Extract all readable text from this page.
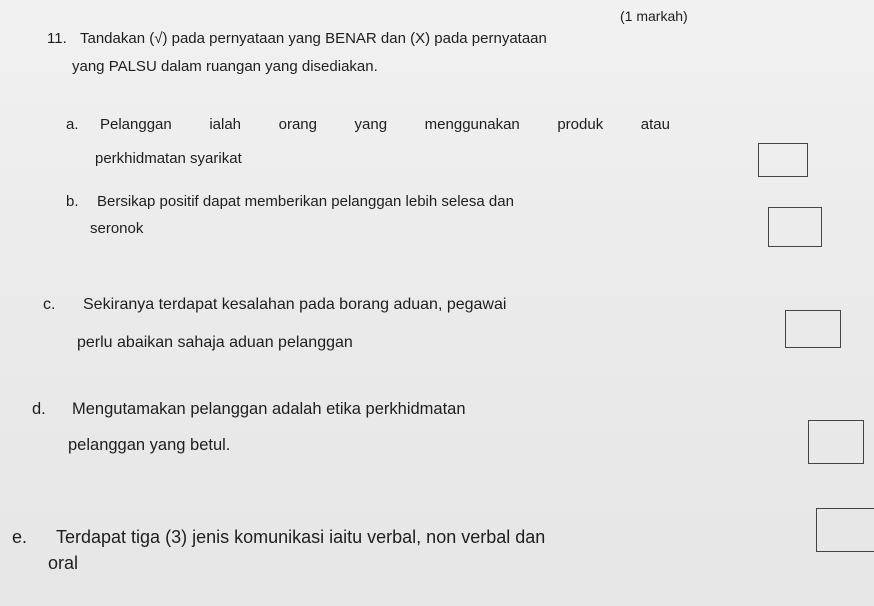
(1 markah)
11. Tandakan (√) pada pernyataan yang BENAR dan (X) pada pernyataan
yang PALSU dalam ruangan yang disediakan.
a. Pelanggan ialah orang yang menggunakan produk atau
perkhidmatan syarikat
b. Bersikap positif dapat memberikan pelanggan lebih selesa dan
seronok
c. Sekiranya terdapat kesalahan pada borang aduan, pegawai
perlu abaikan sahaja aduan pelanggan
d. Mengutamakan pelanggan adalah etika perkhidmatan
pelanggan yang betul.
e. Terdapat tiga (3) jenis komunikasi iaitu verbal, non verbal dan
oral
